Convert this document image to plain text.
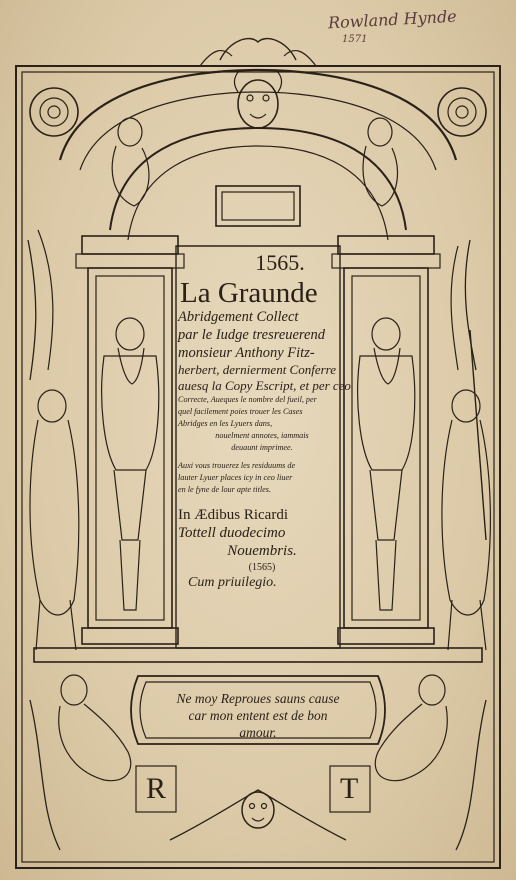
Rowland Hynde
1571
1565.
La Graunde
Abridgement Collect
par le Iudge tresreuerend
monsieur Anthony Fitz-
herbert, dernierment Conferre
auesq la Copy Escript, et per ceo
Correcte, Aueques le nombre del fueil, per
quel facilement poies trouer les Cases
Abridges en les Lyuers dans,
nouelment annotes, iammais
deuaunt imprimee.
Auxi vous trouerez les residuums de
lauter Lyuer places icy in ceo liuer
en le fyne de lour apte titles.
In Ædibus Ricardi
Tottell duodecimo
Nouembris.
(1565)
Cum priuilegio.
Ne moy Reproues sauns cause
car mon entent est de bon
amour.
R	T
